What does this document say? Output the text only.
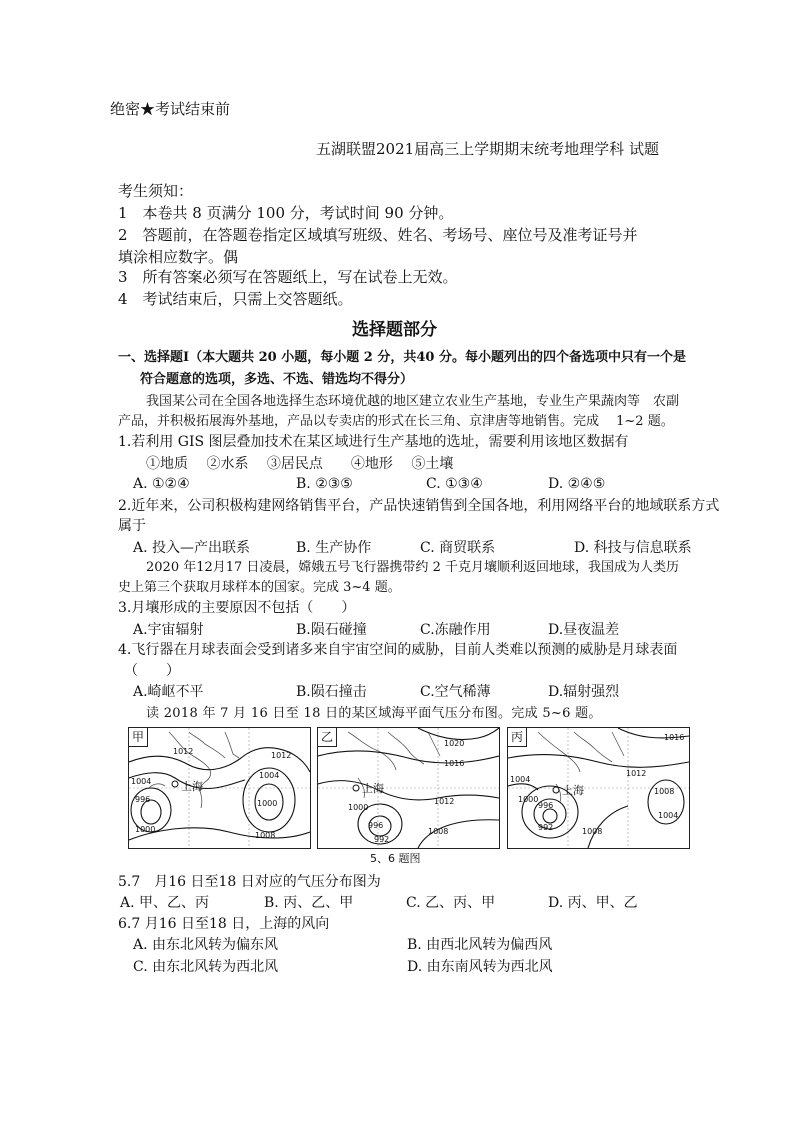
绝密★考试结束前
五湖联盟2021届高三上学期期末统考地理学科 试题
考生须知：
1　本卷共 8 页满分 100 分，考试时间 90 分钟。
2　答题前，在答题卷指定区域填写班级、姓名、考场号、座位号及准考证号并
填涂相应数字。偶
3　所有答案必须写在答题纸上，写在试卷上无效。
4　考试结束后，只需上交答题纸。
选择题部分
一、选择题Ⅰ（本大题共 20 小题，每小题 2 分，共40 分。每小题列出的四个备选项中只有一个是
符合题意的选项，多选、不选、错选均不得分）
我国某公司在全国各地选择生态环境优越的地区建立农业生产基地，专业生产果蔬肉等　农副
产品，并积极拓展海外基地，产品以专卖店的形式在长三角、京津唐等地销售。完成　 1~2 题。
1.若利用 GIS 图层叠加技术在某区域进行生产基地的选址，需要利用该地区数据有
①地质　 ②水系　 ③居民点　　④地形　 ⑤土壤
A. ①②④	B. ②③⑤	C. ①③④	D. ②④⑤
2.近年来，公司积极构建网络销售平台，产品快速销售到全国各地，利用网络平台的地域联系方式
属于
A. 投入—产出联系	B. 生产协作	C. 商贸联系	D. 科技与信息联系
2020 年12月17 日凌晨，嫦娥五号飞行器携带约 2 千克月壤顺利返回地球，我国成为人类历
史上第三个获取月球样本的国家。完成 3~4 题。
3.月壤形成的主要原因不包括（　　）
A.宇宙辐射	B.陨石碰撞	C.冻融作用	D.昼夜温差
4.飞行器在月球表面会受到诸多来自宇宙空间的威胁，目前人类难以预测的威胁是月球表面
（　　）
A.崎岖不平	B.陨石撞击	C.空气稀薄	D.辐射强烈
读 2018 年 7 月 16 日至 18 日的某区域海平面气压分布图。完成 5~6 题。
1012	1012
1004
1004
1000
996
1000
1008
上海
甲	1020
1016
1012
1000
996
992
1008
上海
乙	1016
1012
1004
1000
996
992	1008
1008
1004
上海
丙
5、6 题图
5.7　月16 日至18 日对应的气压分布图为
A. 甲、乙、丙	B. 丙、乙、甲	C. 乙、丙、甲	D. 丙、甲、乙
6.7 月16 日至18 日，上海的风向
A. 由东北风转为偏东风	B. 由西北风转为偏西风
C. 由东北风转为西北风	D. 由东南风转为西北风
